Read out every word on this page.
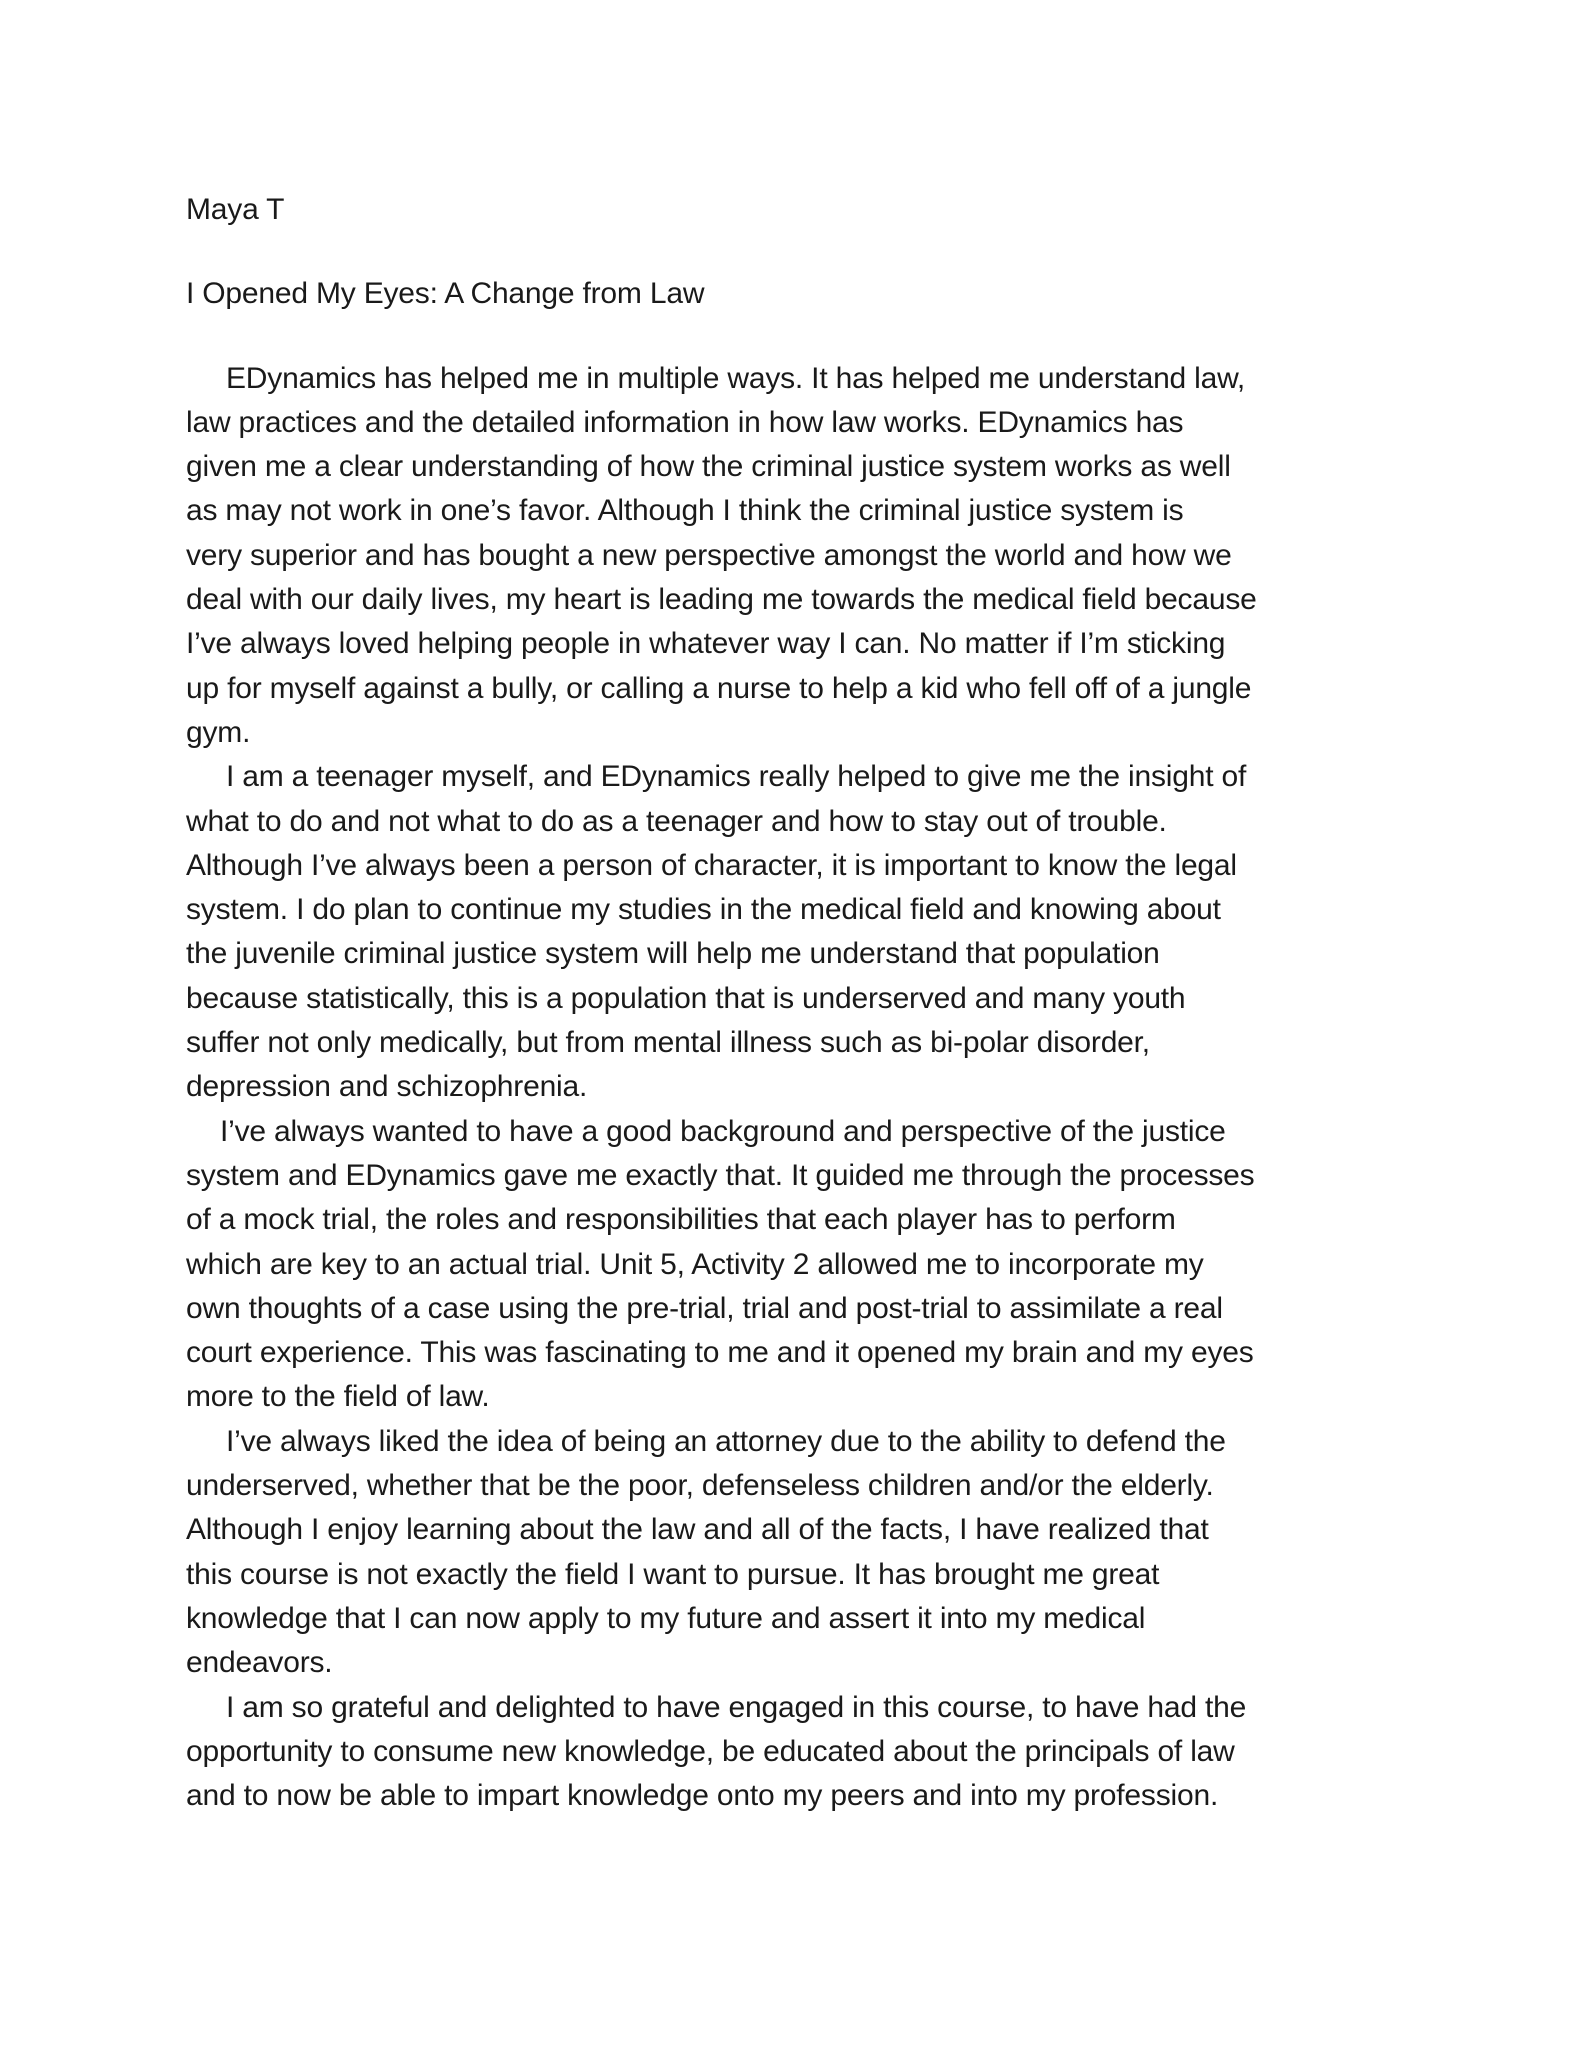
Maya T

I Opened My Eyes: A Change from Law

EDynamics has helped me in multiple ways. It has helped me understand law,
law practices and the detailed information in how law works. EDynamics has
given me a clear understanding of how the criminal justice system works as well
as may not work in one’s favor. Although I think the criminal justice system is
very superior and has bought a new perspective amongst the world and how we
deal with our daily lives, my heart is leading me towards the medical field because
I’ve always loved helping people in whatever way I can. No matter if I’m sticking
up for myself against a bully, or calling a nurse to help a kid who fell off of a jungle
gym.

I am a teenager myself, and EDynamics really helped to give me the insight of
what to do and not what to do as a teenager and how to stay out of trouble.
Although I’ve always been a person of character, it is important to know the legal
system. I do plan to continue my studies in the medical field and knowing about
the juvenile criminal justice system will help me understand that population
because statistically, this is a population that is underserved and many youth
suffer not only medically, but from mental illness such as bi-polar disorder,
depression and schizophrenia.

I’ve always wanted to have a good background and perspective of the justice
system and EDynamics gave me exactly that. It guided me through the processes
of a mock trial, the roles and responsibilities that each player has to perform
which are key to an actual trial. Unit 5, Activity 2 allowed me to incorporate my
own thoughts of a case using the pre-trial, trial and post-trial to assimilate a real
court experience. This was fascinating to me and it opened my brain and my eyes
more to the field of law.

I’ve always liked the idea of being an attorney due to the ability to defend the
underserved, whether that be the poor, defenseless children and/or the elderly.
Although I enjoy learning about the law and all of the facts, I have realized that
this course is not exactly the field I want to pursue. It has brought me great
knowledge that I can now apply to my future and assert it into my medical
endeavors.

I am so grateful and delighted to have engaged in this course, to have had the
opportunity to consume new knowledge, be educated about the principals of law
and to now be able to impart knowledge onto my peers and into my profession.
